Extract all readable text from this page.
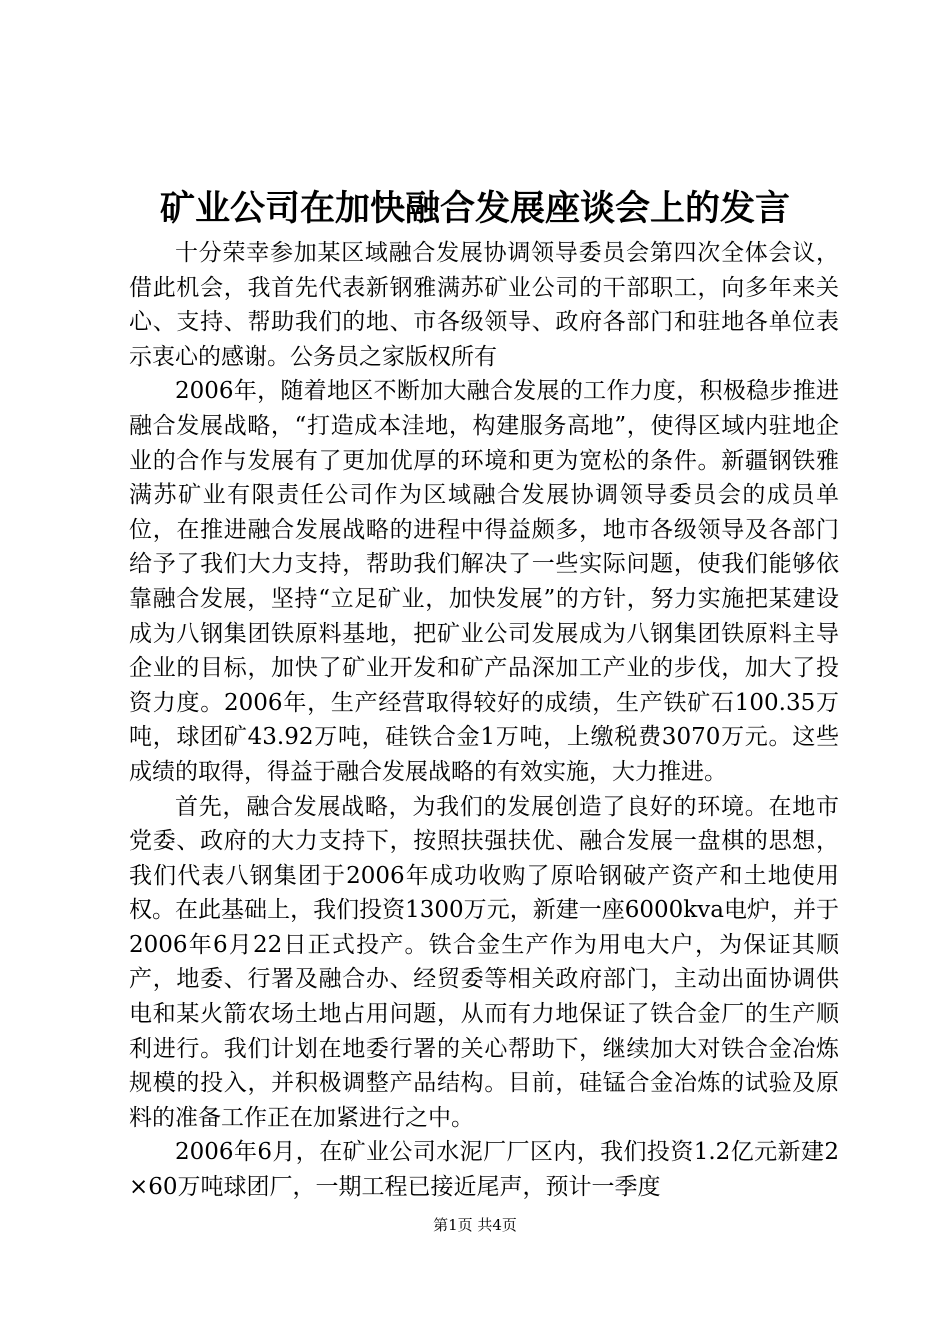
矿业公司在加快融合发展座谈会上的发言

十分荣幸参加某区域融合发展协调领导委员会第四次全体会议，借此机会，我首先代表新钢雅满苏矿业公司的干部职工，向多年来关心、支持、帮助我们的地、市各级领导、政府各部门和驻地各单位表示衷心的感谢。公务员之家版权所有

2006年，随着地区不断加大融合发展的工作力度，积极稳步推进融合发展战略，“打造成本洼地，构建服务高地”，使得区域内驻地企业的合作与发展有了更加优厚的环境和更为宽松的条件。新疆钢铁雅满苏矿业有限责任公司作为区域融合发展协调领导委员会的成员单位，在推进融合发展战略的进程中得益颇多，地市各级领导及各部门给予了我们大力支持，帮助我们解决了一些实际问题，使我们能够依靠融合发展，坚持“立足矿业，加快发展”的方针，努力实施把某建设成为八钢集团铁原料基地，把矿业公司发展成为八钢集团铁原料主导企业的目标，加快了矿业开发和矿产品深加工产业的步伐，加大了投资力度。2006年，生产经营取得较好的成绩，生产铁矿石100.35万吨，球团矿43.92万吨，硅铁合金1万吨，上缴税费3070万元。这些成绩的取得，得益于融合发展战略的有效实施，大力推进。

首先，融合发展战略，为我们的发展创造了良好的环境。在地市党委、政府的大力支持下，按照扶强扶优、融合发展一盘棋的思想，我们代表八钢集团于2006年成功收购了原哈钢破产资产和土地使用权。在此基础上，我们投资1300万元，新建一座6000kva电炉，并于2006年6月22日正式投产。铁合金生产作为用电大户，为保证其顺产，地委、行署及融合办、经贸委等相关政府部门，主动出面协调供电和某火箭农场土地占用问题，从而有力地保证了铁合金厂的生产顺利进行。我们计划在地委行署的关心帮助下，继续加大对铁合金冶炼规模的投入，并积极调整产品结构。目前，硅锰合金冶炼的试验及原料的准备工作正在加紧进行之中。

2006年6月，在矿业公司水泥厂厂区内，我们投资1.2亿元新建2×60万吨球团厂，一期工程已接近尾声，预计一季度

第1页 共4页
